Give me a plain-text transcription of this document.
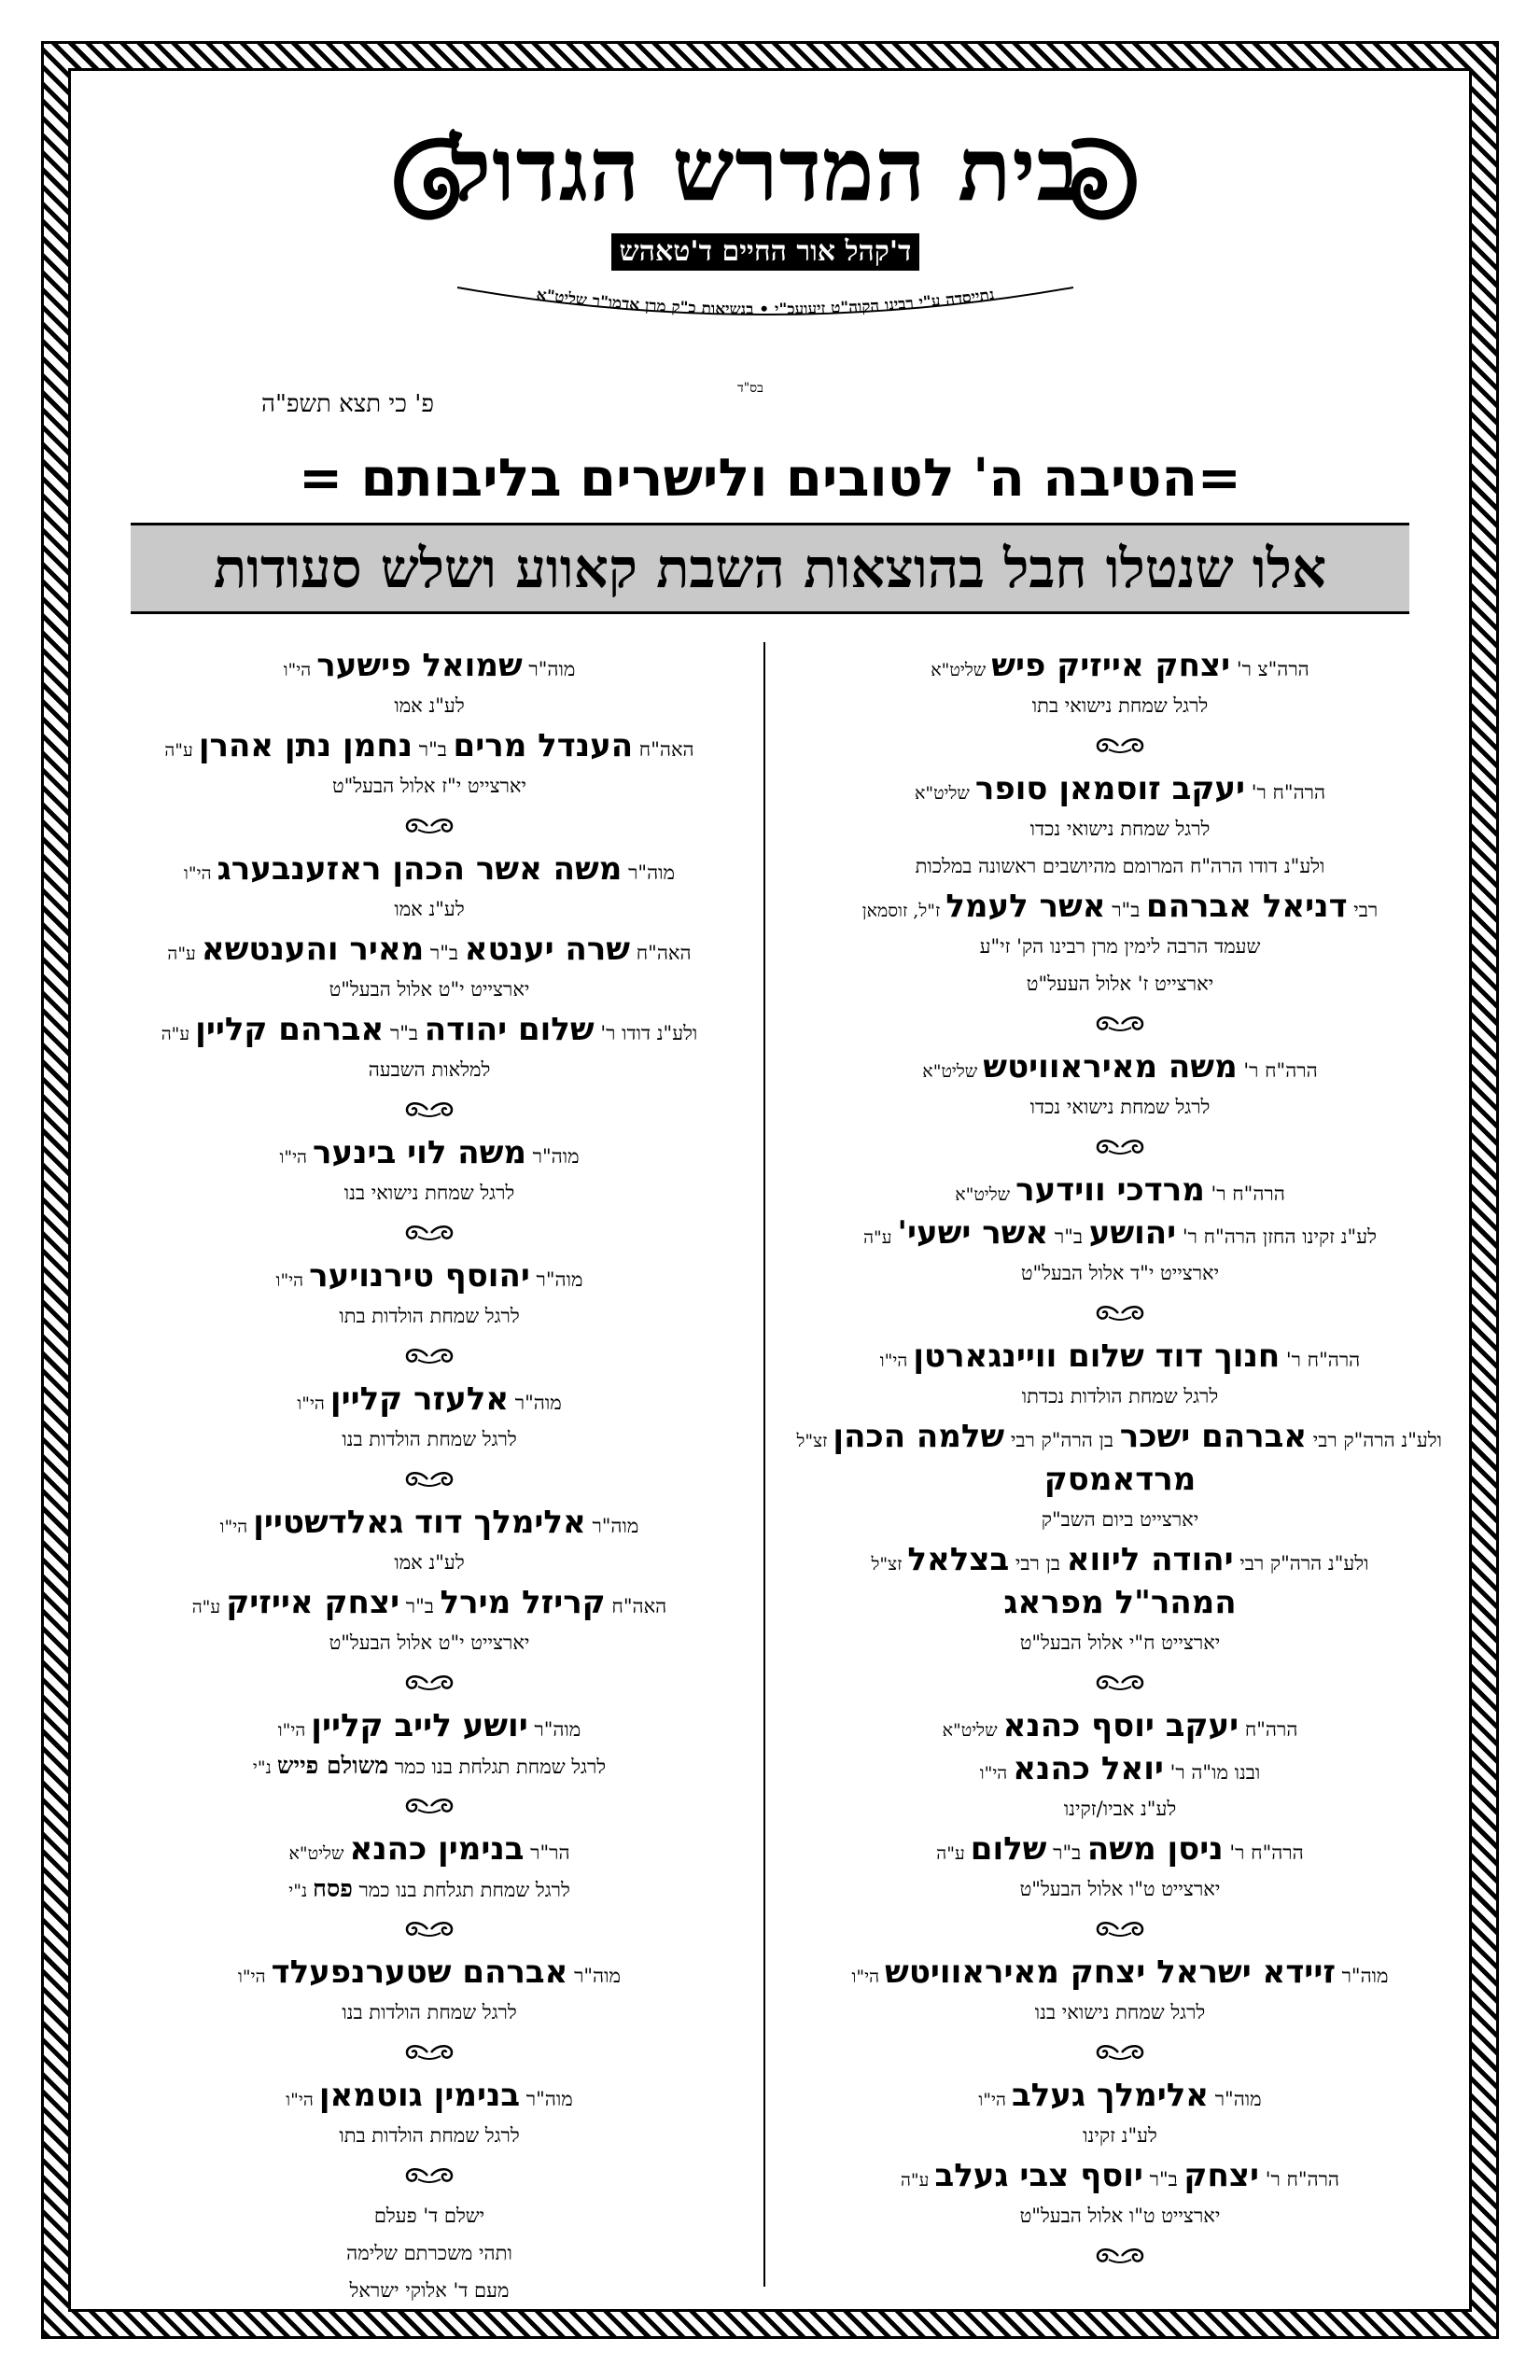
בית המדרש הגדול
ד'קהל אור החיים ד'טאהש
נתייסדה ע"י רבינו הקוה"ט זיעועכ"י • בנשיאות כ"ק מרן אדמו"ר שליט"א
בס"ד
פ' כי תצא תשפ"ה
=הטיבה ה' לטובים ולישרים בליבותם =
אלו שנטלו חבל בהוצאות השבת קאווע ושלש סעודות
הרה"צ ר' יצחק אייזיק פיש שליט"א
לרגל שמחת נישואי בתו
הרה"ח ר' יעקב זוסמאן סופר שליט"א
לרגל שמחת נישואי נכדו
ולע"נ דודו הרה"ח המרומם מהיושבים ראשונה במלכות
רבי דניאל אברהם ב"ר אשר לעמל ז"ל, זוסמאן
שעמד הרבה לימין מרן רבינו הק' זי"ע
יארצייט ז' אלול העעל"ט
הרה"ח ר' משה מאיראוויטש שליט"א
לרגל שמחת נישואי נכדו
הרה"ח ר' מרדכי ווידער שליט"א
לע"נ זקינו החזן הרה"ח ר' יהושע ב"ר אשר ישעי' ע"ה
יארצייט י"ד אלול הבעל"ט
הרה"ח ר' חנוך דוד שלום וויינגארטן הי"ו
לרגל שמחת הולדות נכדתו
ולע"נ הרה"ק רבי אברהם ישכר בן הרה"ק רבי שלמה הכהן זצ"ל
מרדאמסק
יארצייט ביום השב"ק
ולע"נ הרה"ק רבי יהודה ליווא בן רבי בצלאל זצ"ל
המהר"ל מפראג
יארצייט ח"י אלול הבעל"ט
הרה"ח יעקב יוסף כהנא שליט"א
ובנו מו"ה ר' יואל כהנא הי"ו
לע"נ אביו/זקינו
הרה"ח ר' ניסן משה ב"ר שלום ע"ה
יארצייט ט"ו אלול הבעל"ט
מוה"ר זיידא ישראל יצחק מאיראוויטש הי"ו
לרגל שמחת נישואי בנו
מוה"ר אלימלך געלב הי"ו
לע"נ זקינו
הרה"ח ר' יצחק ב"ר יוסף צבי געלב ע"ה
יארצייט ט"ו אלול הבעל"ט
מוה"ר שמואל פישער הי"ו
לע"נ אמו
האה"ח הענדל מרים ב"ר נחמן נתן אהרן ע"ה
יארצייט י"ז אלול הבעל"ט
מוה"ר משה אשר הכהן ראזענבערג הי"ו
לע"נ אמו
האה"ח שרה יענטא ב"ר מאיר והענטשא ע"ה
יארצייט י"ט אלול הבעל"ט
ולע"נ דודו ר' שלום יהודה ב"ר אברהם קליין ע"ה
למלאות השבעה
מוה"ר משה לוי בינער הי"ו
לרגל שמחת נישואי בנו
מוה"ר יהוסף טירנויער הי"ו
לרגל שמחת הולדות בתו
מוה"ר אלעזר קליין הי"ו
לרגל שמחת הולדות בנו
מוה"ר אלימלך דוד גאלדשטיין הי"ו
לע"נ אמו
האה"ח קריזל מירל ב"ר יצחק אייזיק ע"ה
יארצייט י"ט אלול הבעל"ט
מוה"ר יושע לייב קליין הי"ו
לרגל שמחת תגלחת בנו כמר משולם פייש נ"י
הר"ר בנימין כהנא שליט"א
לרגל שמחת תגלחת בנו כמר פסח נ"י
מוה"ר אברהם שטערנפעלד הי"ו
לרגל שמחת הולדות בנו
מוה"ר בנימין גוטמאן הי"ו
לרגל שמחת הולדות בתו
ישלם ד' פעלם
ותהי משכרתם שלימה
מעם ד' אלוקי ישראל
